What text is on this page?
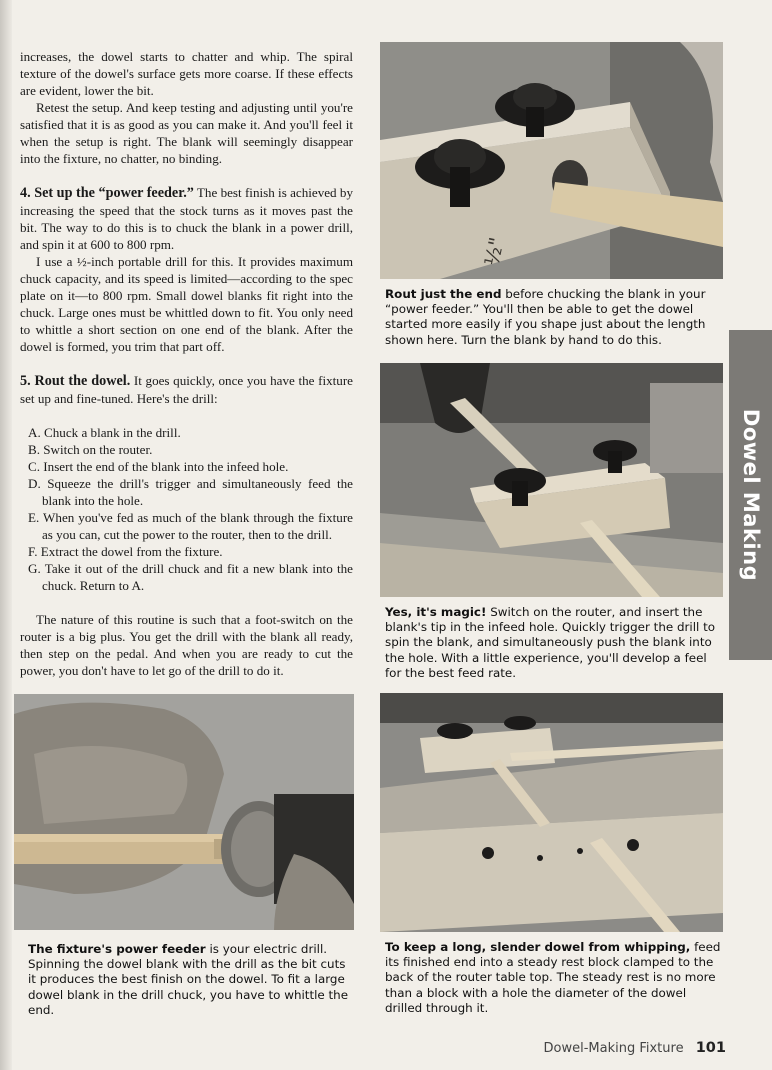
increases, the dowel starts to chatter and whip. The spiral texture of the dowel's surface gets more coarse. If these effects are evident, lower the bit.

Retest the setup. And keep testing and adjusting until you're satisfied that it is as good as you can make it. And you'll feel it when the setup is right. The blank will seemingly disappear into the fixture, no chatter, no binding.

4. Set up the “power feeder.” The best finish is achieved by increasing the speed that the stock turns as it moves past the bit. The way to do this is to chuck the blank in a power drill, and spin it at 600 to 800 rpm.

I use a ½-inch portable drill for this. It provides maximum chuck capacity, and its speed is limited—according to the spec plate on it—to 800 rpm. Small dowel blanks fit right into the chuck. Large ones must be whittled down to fit. You only need to whittle a short section on one end of the blank. After the dowel is formed, you trim that part off.

5. Rout the dowel. It goes quickly, once you have the fixture set up and fine-tuned. Here's the drill:

A. Chuck a blank in the drill.
B. Switch on the router.
C. Insert the end of the blank into the infeed hole.
D. Squeeze the drill's trigger and simultaneously feed the blank into the hole.
E. When you've fed as much of the blank through the fixture as you can, cut the power to the router, then to the drill.
F. Extract the dowel from the fixture.
G. Take it out of the drill chuck and fit a new blank into the chuck. Return to A.

The nature of this routine is such that a foot-switch on the router is a big plus. You get the drill with the blank all ready, then step on the pedal. And when you are ready to cut the power, you don't have to let go of the drill to do it.

½"
Rout just the end before chucking the blank in your “power feeder.” You'll then be able to get the dowel started more easily if you shape just about the length shown here. Turn the blank by hand to do this.
Yes, it's magic! Switch on the router, and insert the blank's tip in the infeed hole. Quickly trigger the drill to spin the blank, and simultaneously push the blank into the hole. With a little experience, you'll develop a feel for the best feed rate.
The fixture's power feeder is your electric drill. Spinning the dowel blank with the drill as the bit cuts it produces the best finish on the dowel. To fit a large dowel blank in the drill chuck, you have to whittle the end.
To keep a long, slender dowel from whipping, feed its finished end into a steady rest block clamped to the back of the router table top. The steady rest is no more than a block with a hole the diameter of the dowel drilled through it.
Dowel Making
Dowel-Making Fixture 101
